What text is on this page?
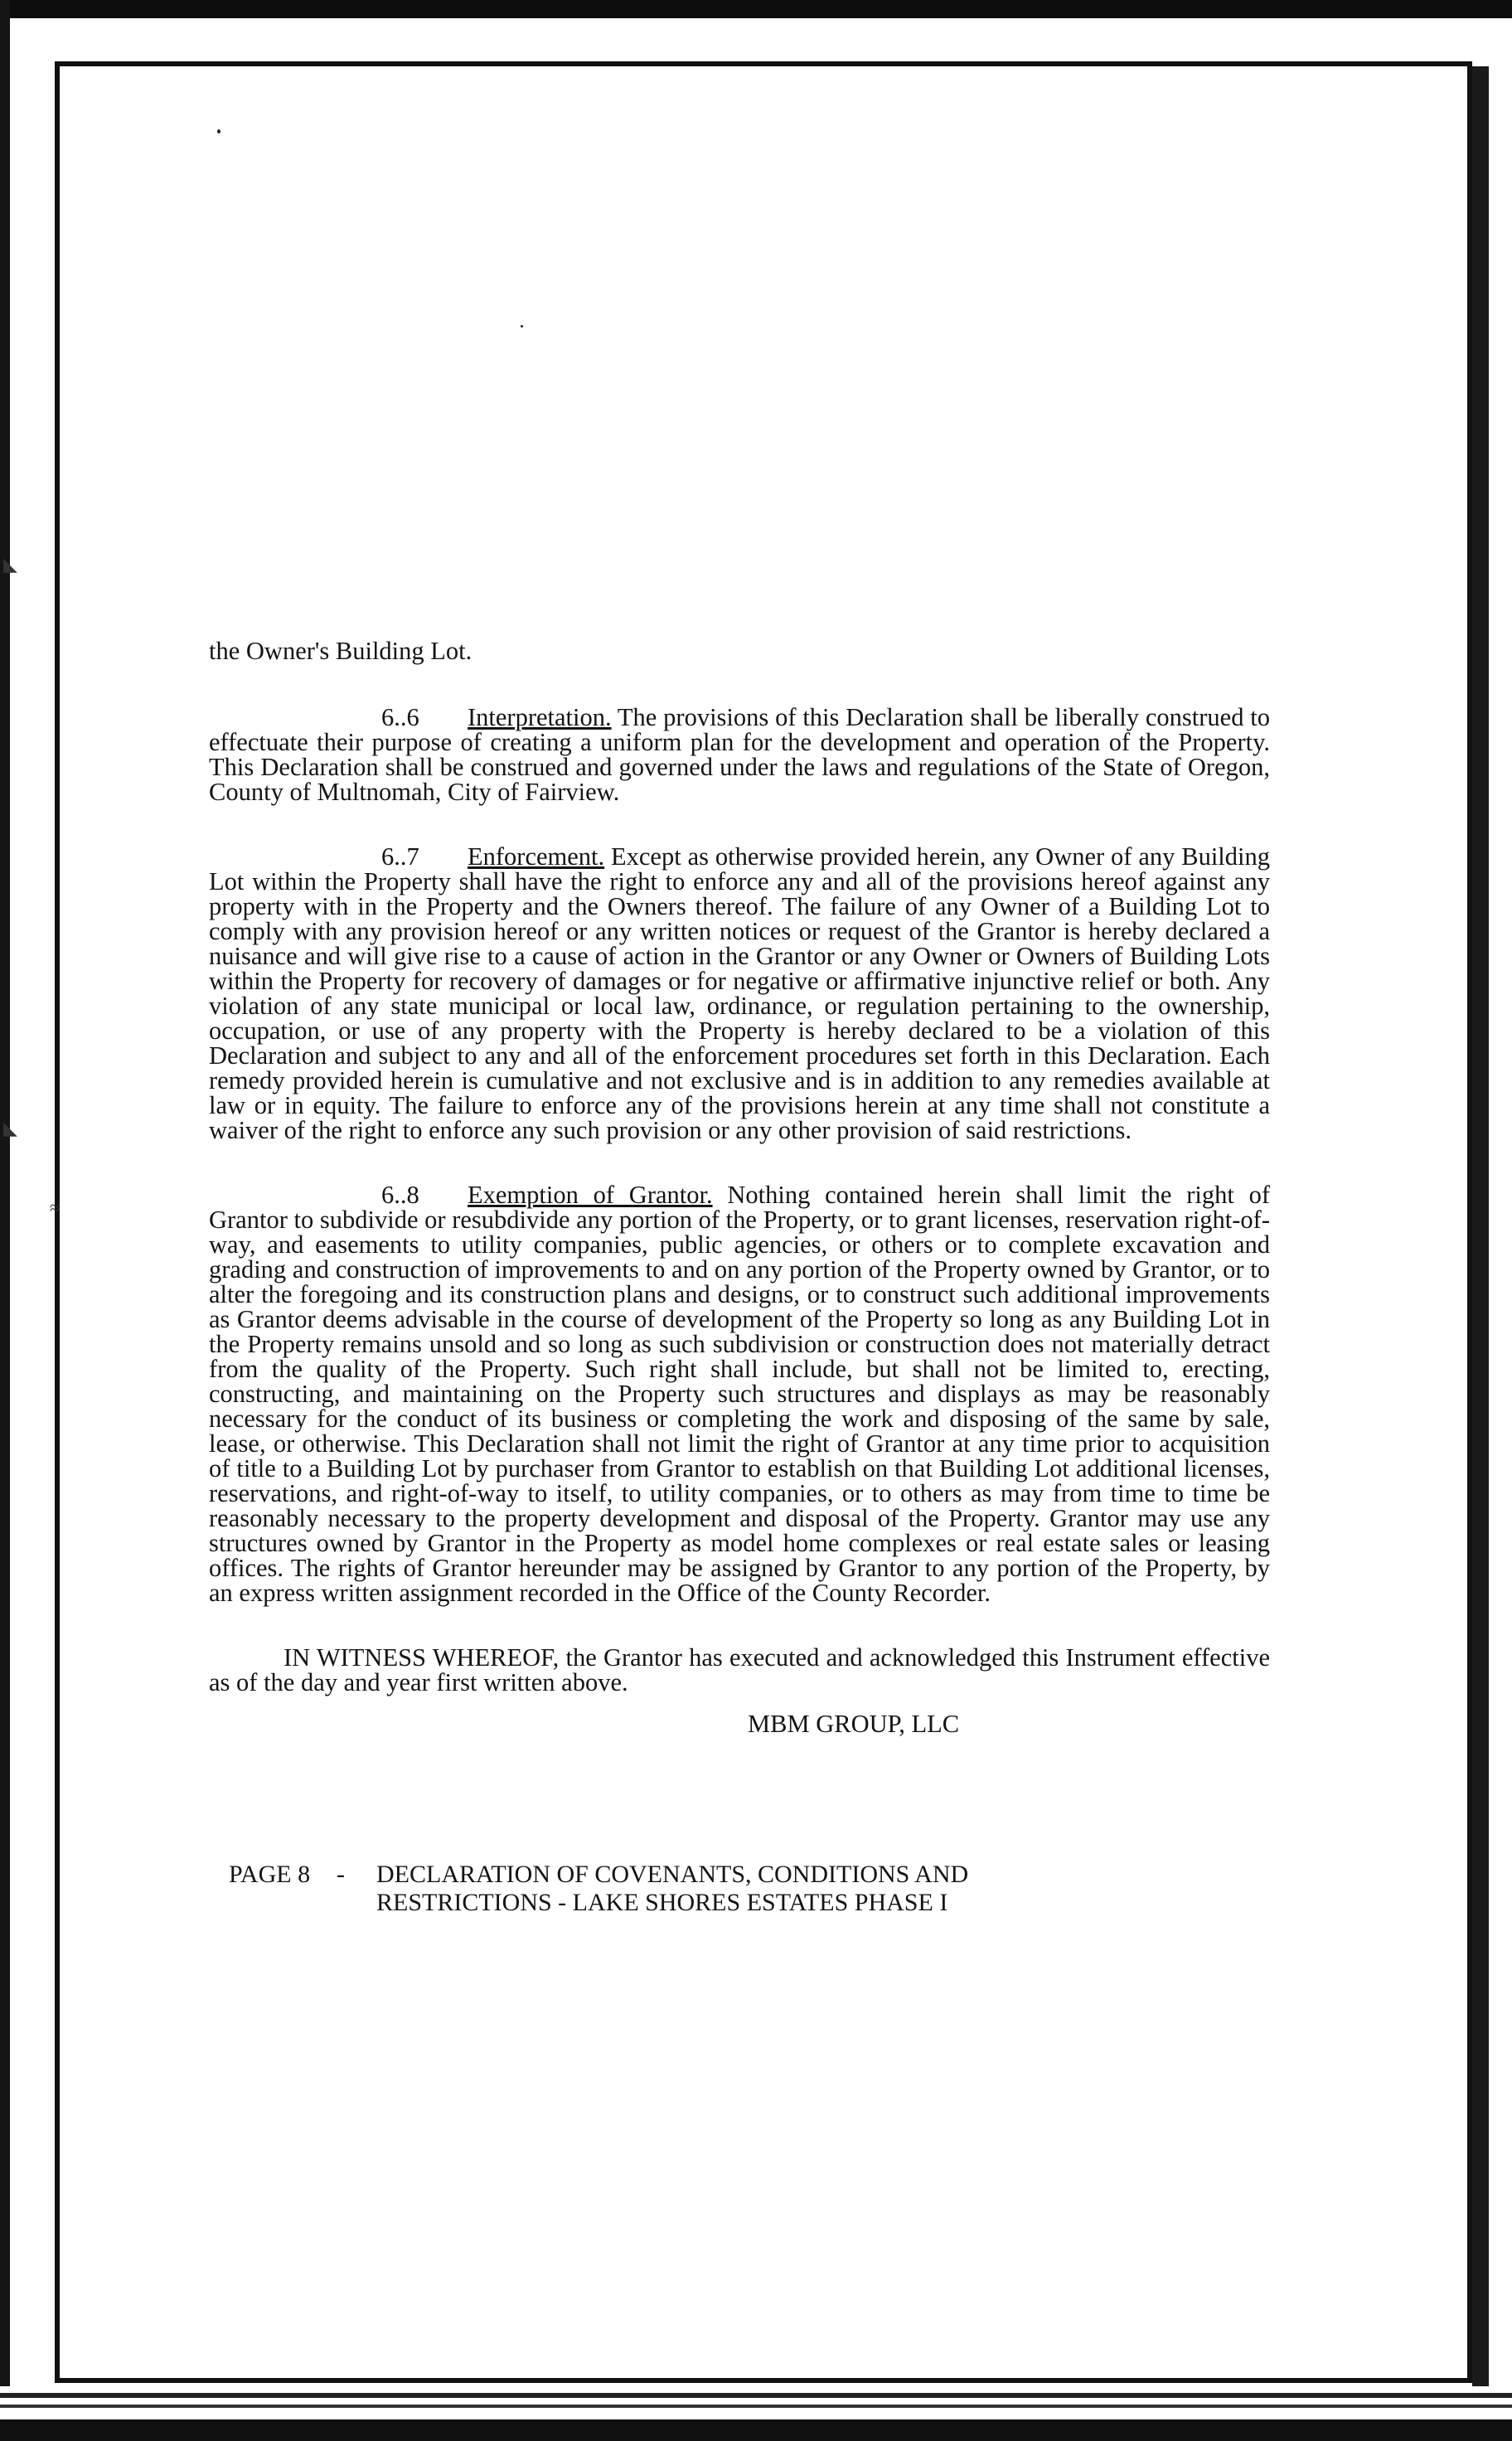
◣
◣
≈

the Owner's Building Lot.

6..6 Interpretation. The provisions of this Declaration shall be liberally construed to effectuate their purpose of creating a uniform plan for the development and operation of the Property. This Declaration shall be construed and governed under the laws and regulations of the State of Oregon, County of Multnomah, City of Fairview.

6..7 Enforcement. Except as otherwise provided herein, any Owner of any Building Lot within the Property shall have the right to enforce any and all of the provisions hereof against any property with in the Property and the Owners thereof. The failure of any Owner of a Building Lot to comply with any provision hereof or any written notices or request of the Grantor is hereby declared a nuisance and will give rise to a cause of action in the Grantor or any Owner or Owners of Building Lots within the Property for recovery of damages or for negative or affirmative injunctive relief or both. Any violation of any state municipal or local law, ordinance, or regulation pertaining to the ownership, occupation, or use of any property with the Property is hereby declared to be a violation of this Declaration and subject to any and all of the enforcement procedures set forth in this Declaration. Each remedy provided herein is cumulative and not exclusive and is in addition to any remedies available at law or in equity. The failure to enforce any of the provisions herein at any time shall not constitute a waiver of the right to enforce any such provision or any other provision of said restrictions.

6..8 Exemption of Grantor. Nothing contained herein shall limit the right of Grantor to subdivide or resubdivide any portion of the Property, or to grant licenses, reservation right-of-way, and easements to utility companies, public agencies, or others or to complete excavation and grading and construction of improvements to and on any portion of the Property owned by Grantor, or to alter the foregoing and its construction plans and designs, or to construct such additional improvements as Grantor deems advisable in the course of development of the Property so long as any Building Lot in the Property remains unsold and so long as such subdivision or construction does not materially detract from the quality of the Property. Such right shall include, but shall not be limited to, erecting, constructing, and maintaining on the Property such structures and displays as may be reasonably necessary for the conduct of its business or completing the work and disposing of the same by sale, lease, or otherwise. This Declaration shall not limit the right of Grantor at any time prior to acquisition of title to a Building Lot by purchaser from Grantor to establish on that Building Lot additional licenses, reservations, and right-of-way to itself, to utility companies, or to others as may from time to time be reasonably necessary to the property development and disposal of the Property. Grantor may use any structures owned by Grantor in the Property as model home complexes or real estate sales or leasing offices. The rights of Grantor hereunder may be assigned by Grantor to any portion of the Property, by an express written assignment recorded in the Office of the County Recorder.

IN WITNESS WHEREOF, the Grantor has executed and acknowledged this Instrument effective as of the day and year first written above.

MBM GROUP, LLC
PAGE 8	-	DECLARATION OF COVENANTS, CONDITIONS AND
RESTRICTIONS - LAKE SHORES ESTATES PHASE I
